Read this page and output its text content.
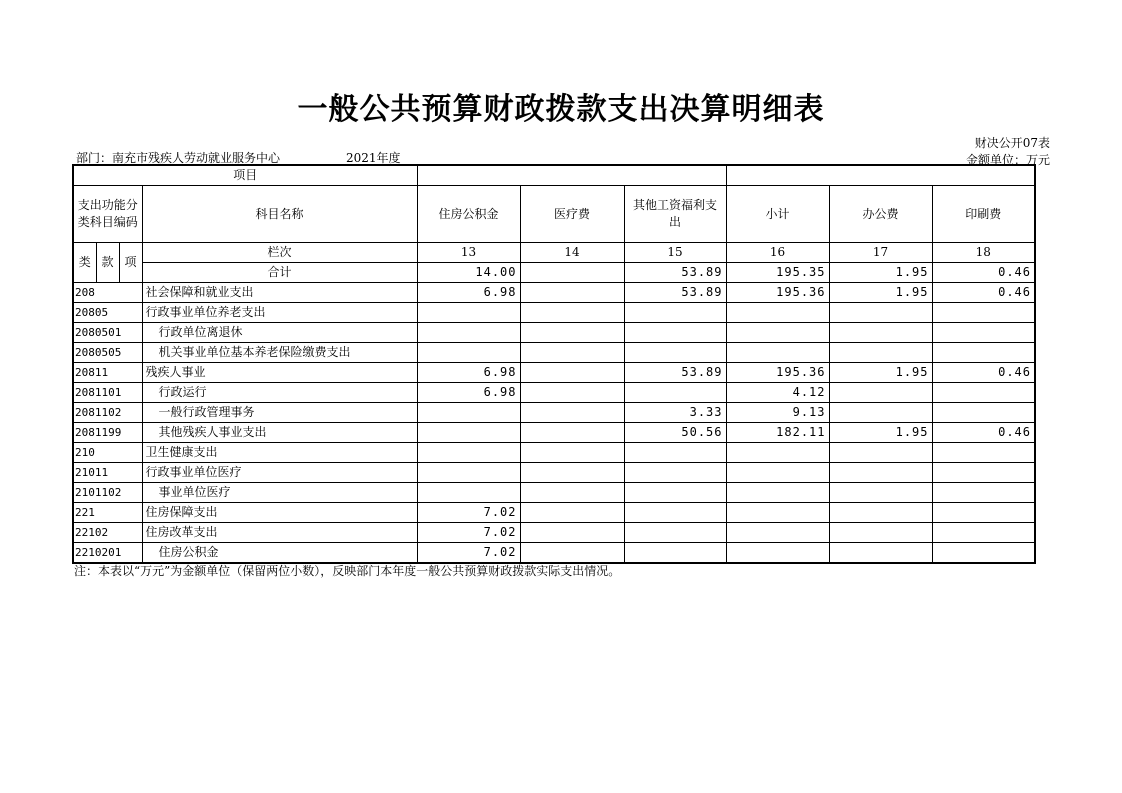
一般公共预算财政拨款支出决算明细表
财决公开07表
部门：南充市残疾人劳动就业服务中心	2021年度	金额单位：万元
项目									
支出功能分类科目编码			科目名称	住房公积金	医疗费	其他工资福利支出	小计	办公费	印刷费
类	款	项	栏次	13	14	15	16	17	18
			合计	14.00		53.89	195.35	1.95	0.46
208			社会保障和就业支出	6.98		53.89	195.36	1.95	0.46
20805			行政事业单位养老支出						
2080501			行政单位离退休						
2080505			机关事业单位基本养老保险缴费支出						
20811			残疾人事业	6.98		53.89	195.36	1.95	0.46
2081101			行政运行	6.98			4.12		
2081102			一般行政管理事务			3.33	9.13		
2081199			其他残疾人事业支出			50.56	182.11	1.95	0.46
210			卫生健康支出						
21011			行政事业单位医疗						
2101102			事业单位医疗						
221			住房保障支出	7.02					
22102			住房改革支出	7.02					
2210201			住房公积金	7.02					
注：本表以“万元”为金额单位（保留两位小数），反映部门本年度一般公共预算财政拨款实际支出情况。
